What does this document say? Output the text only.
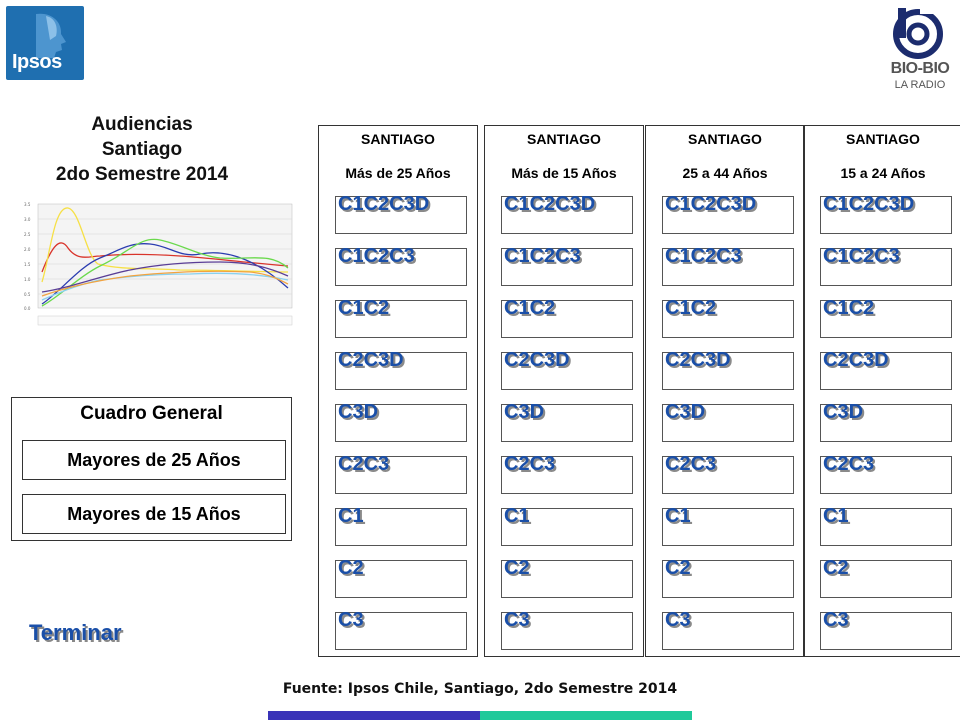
Ipsos	BIO-BIO
LA RADIO
Audiencias
Santiago
2do Semestre 2014
3.5
3.0
2.5
2.0
1.5
1.0
0.5
0.0
Cuadro General
Mayores de 25 Años
Mayores de 15 Años
Terminar
SANTIAGO
Más de 25 Años
C1C2C3D
C1C2C3
C1C2
C2C3D
C3D
C2C3
C1
C2
C3
SANTIAGO
Más de 15 Años
C1C2C3D
C1C2C3
C1C2
C2C3D
C3D
C2C3
C1
C2
C3
SANTIAGO
25 a 44 Años
C1C2C3D
C1C2C3
C1C2
C2C3D
C3D
C2C3
C1
C2
C3
SANTIAGO
15 a 24 Años
C1C2C3D
C1C2C3
C1C2
C2C3D
C3D
C2C3
C1
C2
C3
Fuente: Ipsos Chile, Santiago, 2do Semestre 2014
